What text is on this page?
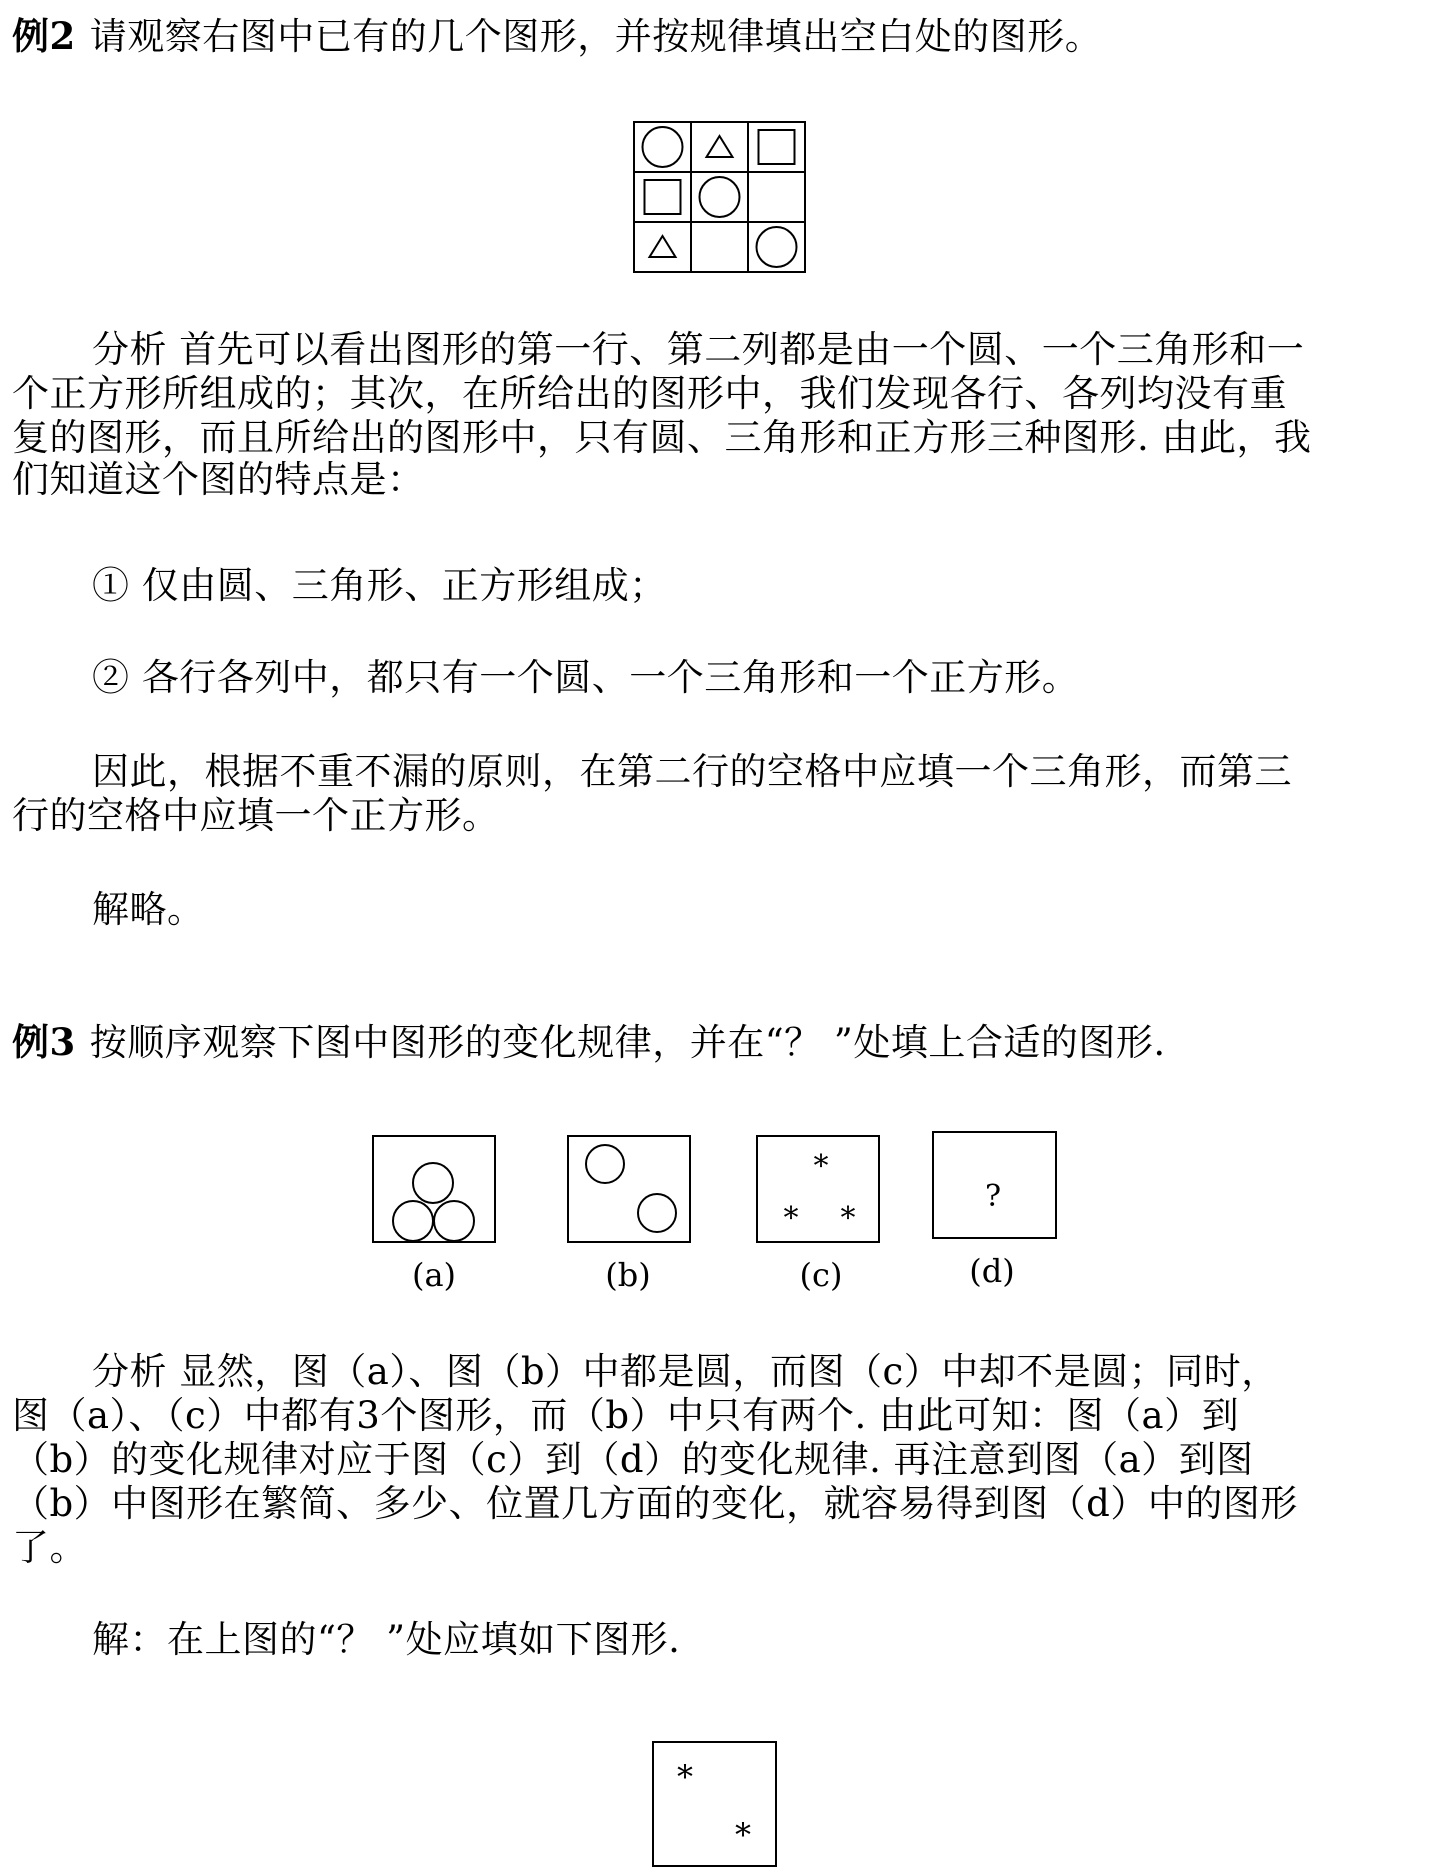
例2 请观察右图中已有的几个图形，并按规律填出空白处的图形。

分析 首先可以看出图形的第一行、第二列都是由一个圆、一个三角形和一

个正方形所组成的；其次，在所给出的图形中，我们发现各行、各列均没有重

复的图形，而且所给出的图形中，只有圆、三角形和正方形三种图形. 由此，我

们知道这个图的特点是：

① 仅由圆、三角形、正方形组成；

② 各行各列中，都只有一个圆、一个三角形和一个正方形。

因此，根据不重不漏的原则，在第二行的空格中应填一个三角形，而第三

行的空格中应填一个正方形。

解略。

例3 按顺序观察下图中图形的变化规律，并在“？ ”处填上合适的图形.

分析 显然，图（a）、图（b）中都是圆，而图（c）中却不是圆；同时，

图（a）、（c）中都有3个图形，而（b）中只有两个. 由此可知：图（a）到

（b）的变化规律对应于图（c）到（d）的变化规律. 再注意到图（a）到图

（b）中图形在繁简、多少、位置几方面的变化，就容易得到图（d）中的图形

了。

解：在上图的“？ ”处应填如下图形.

(a)	(b)
*
* *
(c)
?
(d)
*
*
